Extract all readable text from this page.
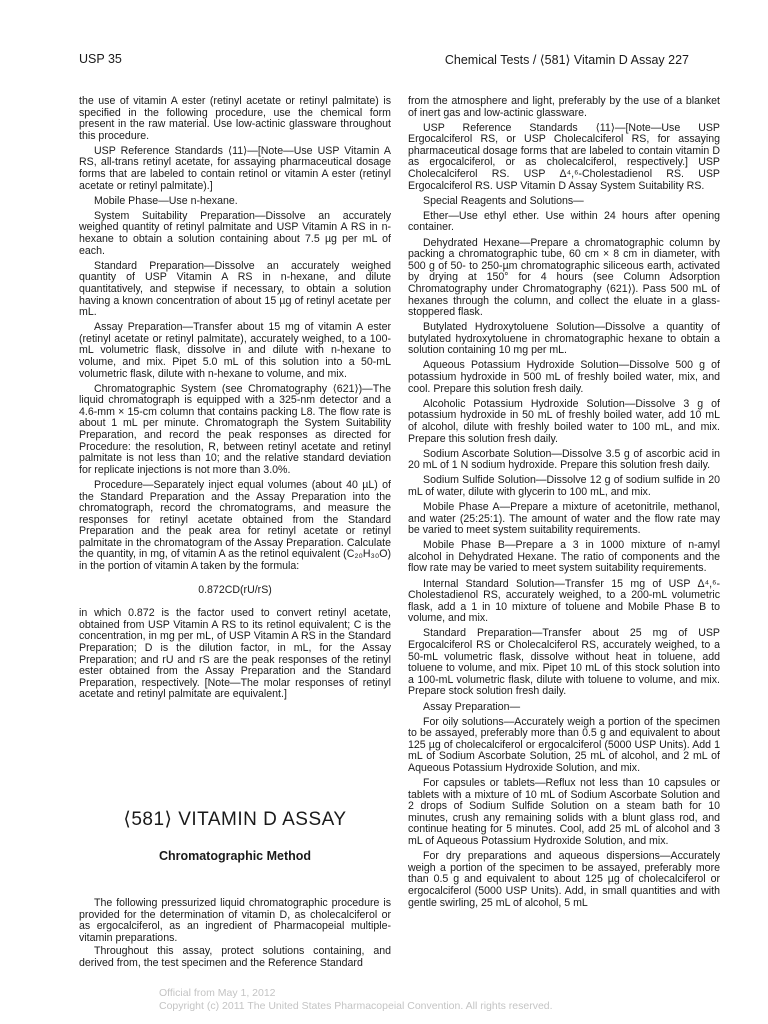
USP 35	Chemical Tests / ⟨581⟩ Vitamin D Assay 227

the use of vitamin A ester (retinyl acetate or retinyl palmitate) is specified in the following procedure, use the chemical form present in the raw material. Use low-actinic glassware throughout this procedure.

USP Reference Standards ⟨11⟩—[Note—Use USP Vitamin A RS, all-trans retinyl acetate, for assaying pharmaceutical dosage forms that are labeled to contain retinol or vitamin A ester (retinyl acetate or retinyl palmitate).]

Mobile Phase—Use n-hexane.

System Suitability Preparation—Dissolve an accurately weighed quantity of retinyl palmitate and USP Vitamin A RS in n-hexane to obtain a solution containing about 7.5 µg per mL of each.

Standard Preparation—Dissolve an accurately weighed quantity of USP Vitamin A RS in n-hexane, and dilute quantitatively, and stepwise if necessary, to obtain a solution having a known concentration of about 15 µg of retinyl acetate per mL.

Assay Preparation—Transfer about 15 mg of vitamin A ester (retinyl acetate or retinyl palmitate), accurately weighed, to a 100-mL volumetric flask, dissolve in and dilute with n-hexane to volume, and mix. Pipet 5.0 mL of this solution into a 50-mL volumetric flask, dilute with n-hexane to volume, and mix.

Chromatographic System (see Chromatography ⟨621⟩)—The liquid chromatograph is equipped with a 325-nm detector and a 4.6-mm × 15-cm column that contains packing L8. The flow rate is about 1 mL per minute. Chromatograph the System Suitability Preparation, and record the peak responses as directed for Procedure: the resolution, R, between retinyl acetate and retinyl palmitate is not less than 10; and the relative standard deviation for replicate injections is not more than 3.0%.

Procedure—Separately inject equal volumes (about 40 µL) of the Standard Preparation and the Assay Preparation into the chromatograph, record the chromatograms, and measure the responses for retinyl acetate obtained from the Standard Preparation and the peak area for retinyl acetate or retinyl palmitate in the chromatogram of the Assay Preparation. Calculate the quantity, in mg, of vitamin A as the retinol equivalent (C₂₀H₃₀O) in the portion of vitamin A taken by the formula:

0.872CD(rU/rS)

in which 0.872 is the factor used to convert retinyl acetate, obtained from USP Vitamin A RS to its retinol equivalent; C is the concentration, in mg per mL, of USP Vitamin A RS in the Standard Preparation; D is the dilution factor, in mL, for the Assay Preparation; and rU and rS are the peak responses of the retinyl ester obtained from the Assay Preparation and the Standard Preparation, respectively. [Note—The molar responses of retinyl acetate and retinyl palmitate are equivalent.]

⟨581⟩ VITAMIN D ASSAY
Chromatographic Method

The following pressurized liquid chromatographic procedure is provided for the determination of vitamin D, as cholecalciferol or as ergocalciferol, as an ingredient of Pharmacopeial multiple-vitamin preparations.

Throughout this assay, protect solutions containing, and derived from, the test specimen and the Reference Standard

from the atmosphere and light, preferably by the use of a blanket of inert gas and low-actinic glassware.

USP Reference Standards ⟨11⟩—[Note—Use USP Ergocalciferol RS, or USP Cholecalciferol RS, for assaying pharmaceutical dosage forms that are labeled to contain vitamin D as ergocalciferol, or as cholecalciferol, respectively.] USP Cholecalciferol RS. USP Δ⁴,⁶-Cholestadienol RS. USP Ergocalciferol RS. USP Vitamin D Assay System Suitability RS.

Special Reagents and Solutions—

Ether—Use ethyl ether. Use within 24 hours after opening container.

Dehydrated Hexane—Prepare a chromatographic column by packing a chromatographic tube, 60 cm × 8 cm in diameter, with 500 g of 50- to 250-µm chromatographic siliceous earth, activated by drying at 150° for 4 hours (see Column Adsorption Chromatography under Chromatography ⟨621⟩). Pass 500 mL of hexanes through the column, and collect the eluate in a glass-stoppered flask.

Butylated Hydroxytoluene Solution—Dissolve a quantity of butylated hydroxytoluene in chromatographic hexane to obtain a solution containing 10 mg per mL.

Aqueous Potassium Hydroxide Solution—Dissolve 500 g of potassium hydroxide in 500 mL of freshly boiled water, mix, and cool. Prepare this solution fresh daily.

Alcoholic Potassium Hydroxide Solution—Dissolve 3 g of potassium hydroxide in 50 mL of freshly boiled water, add 10 mL of alcohol, dilute with freshly boiled water to 100 mL, and mix. Prepare this solution fresh daily.

Sodium Ascorbate Solution—Dissolve 3.5 g of ascorbic acid in 20 mL of 1 N sodium hydroxide. Prepare this solution fresh daily.

Sodium Sulfide Solution—Dissolve 12 g of sodium sulfide in 20 mL of water, dilute with glycerin to 100 mL, and mix.

Mobile Phase A—Prepare a mixture of acetonitrile, methanol, and water (25:25:1). The amount of water and the flow rate may be varied to meet system suitability requirements.

Mobile Phase B—Prepare a 3 in 1000 mixture of n-amyl alcohol in Dehydrated Hexane. The ratio of components and the flow rate may be varied to meet system suitability requirements.

Internal Standard Solution—Transfer 15 mg of USP Δ⁴,⁶-Cholestadienol RS, accurately weighed, to a 200-mL volumetric flask, add a 1 in 10 mixture of toluene and Mobile Phase B to volume, and mix.

Standard Preparation—Transfer about 25 mg of USP Ergocalciferol RS or Cholecalciferol RS, accurately weighed, to a 50-mL volumetric flask, dissolve without heat in toluene, add toluene to volume, and mix. Pipet 10 mL of this stock solution into a 100-mL volumetric flask, dilute with toluene to volume, and mix. Prepare stock solution fresh daily.

Assay Preparation—

For oily solutions—Accurately weigh a portion of the specimen to be assayed, preferably more than 0.5 g and equivalent to about 125 µg of cholecalciferol or ergocalciferol (5000 USP Units). Add 1 mL of Sodium Ascorbate Solution, 25 mL of alcohol, and 2 mL of Aqueous Potassium Hydroxide Solution, and mix.

For capsules or tablets—Reflux not less than 10 capsules or tablets with a mixture of 10 mL of Sodium Ascorbate Solution and 2 drops of Sodium Sulfide Solution on a steam bath for 10 minutes, crush any remaining solids with a blunt glass rod, and continue heating for 5 minutes. Cool, add 25 mL of alcohol and 3 mL of Aqueous Potassium Hydroxide Solution, and mix.

For dry preparations and aqueous dispersions—Accurately weigh a portion of the specimen to be assayed, preferably more than 0.5 g and equivalent to about 125 µg of cholecalciferol or ergocalciferol (5000 USP Units). Add, in small quantities and with gentle swirling, 25 mL of alcohol, 5 mL

Official from May 1, 2012
Copyright (c) 2011 The United States Pharmacopeial Convention. All rights reserved.
